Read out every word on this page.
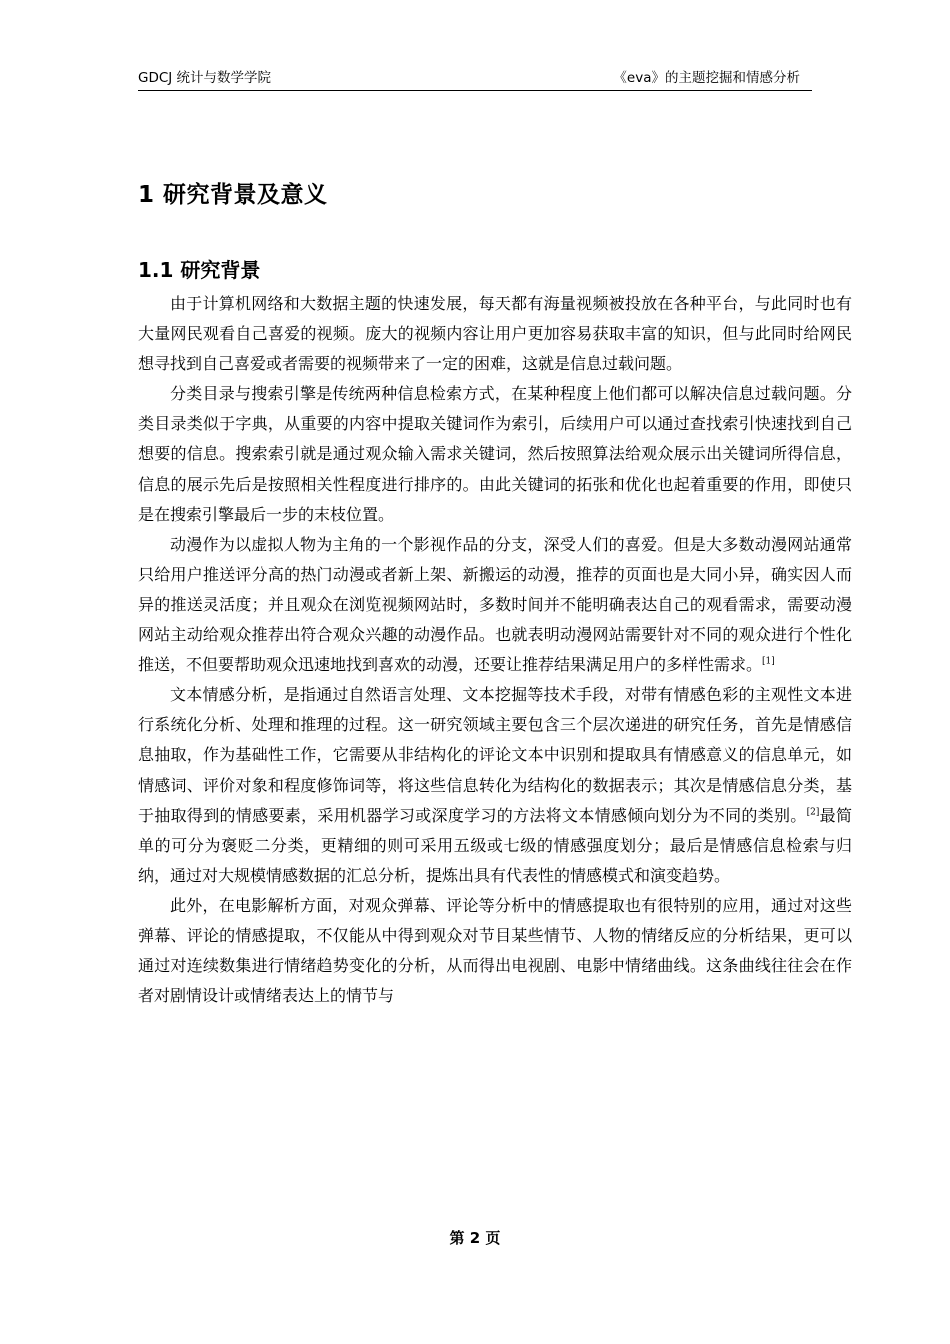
GDCJ 统计与数学学院	《eva》的主题挖掘和情感分析
1 研究背景及意义
1.1 研究背景

由于计算机网络和大数据主题的快速发展，每天都有海量视频被投放在各种平台，与此同时也有大量网民观看自己喜爱的视频。庞大的视频内容让用户更加容易获取丰富的知识，但与此同时给网民想寻找到自己喜爱或者需要的视频带来了一定的困难，这就是信息过载问题。

分类目录与搜索引擎是传统两种信息检索方式，在某种程度上他们都可以解决信息过载问题。分类目录类似于字典，从重要的内容中提取关键词作为索引，后续用户可以通过查找索引快速找到自己想要的信息。搜索索引就是通过观众输入需求关键词，然后按照算法给观众展示出关键词所得信息，信息的展示先后是按照相关性程度进行排序的。由此关键词的拓张和优化也起着重要的作用，即使只是在搜索引擎最后一步的末枝位置。

动漫作为以虚拟人物为主角的一个影视作品的分支，深受人们的喜爱。但是大多数动漫网站通常只给用户推送评分高的热门动漫或者新上架、新搬运的动漫，推荐的页面也是大同小异，确实因人而异的推送灵活度；并且观众在浏览视频网站时，多数时间并不能明确表达自己的观看需求，需要动漫网站主动给观众推荐出符合观众兴趣的动漫作品。也就表明动漫网站需要针对不同的观众进行个性化推送，不但要帮助观众迅速地找到喜欢的动漫，还要让推荐结果满足用户的多样性需求。[1]

文本情感分析，是指通过自然语言处理、文本挖掘等技术手段，对带有情感色彩的主观性文本进行系统化分析、处理和推理的过程。这一研究领域主要包含三个层次递进的研究任务，首先是情感信息抽取，作为基础性工作，它需要从非结构化的评论文本中识别和提取具有情感意义的信息单元，如情感词、评价对象和程度修饰词等，将这些信息转化为结构化的数据表示；其次是情感信息分类，基于抽取得到的情感要素，采用机器学习或深度学习的方法将文本情感倾向划分为不同的类别。[2]最简单的可分为褒贬二分类，更精细的则可采用五级或七级的情感强度划分；最后是情感信息检索与归纳，通过对大规模情感数据的汇总分析，提炼出具有代表性的情感模式和演变趋势。

此外，在电影解析方面，对观众弹幕、评论等分析中的情感提取也有很特别的应用，通过对这些弹幕、评论的情感提取，不仅能从中得到观众对节目某些情节、人物的情绪反应的分析结果，更可以通过对连续数集进行情绪趋势变化的分析，从而得出电视剧、电影中情绪曲线。这条曲线往往会在作者对剧情设计或情绪表达上的情节与

第 2 页
